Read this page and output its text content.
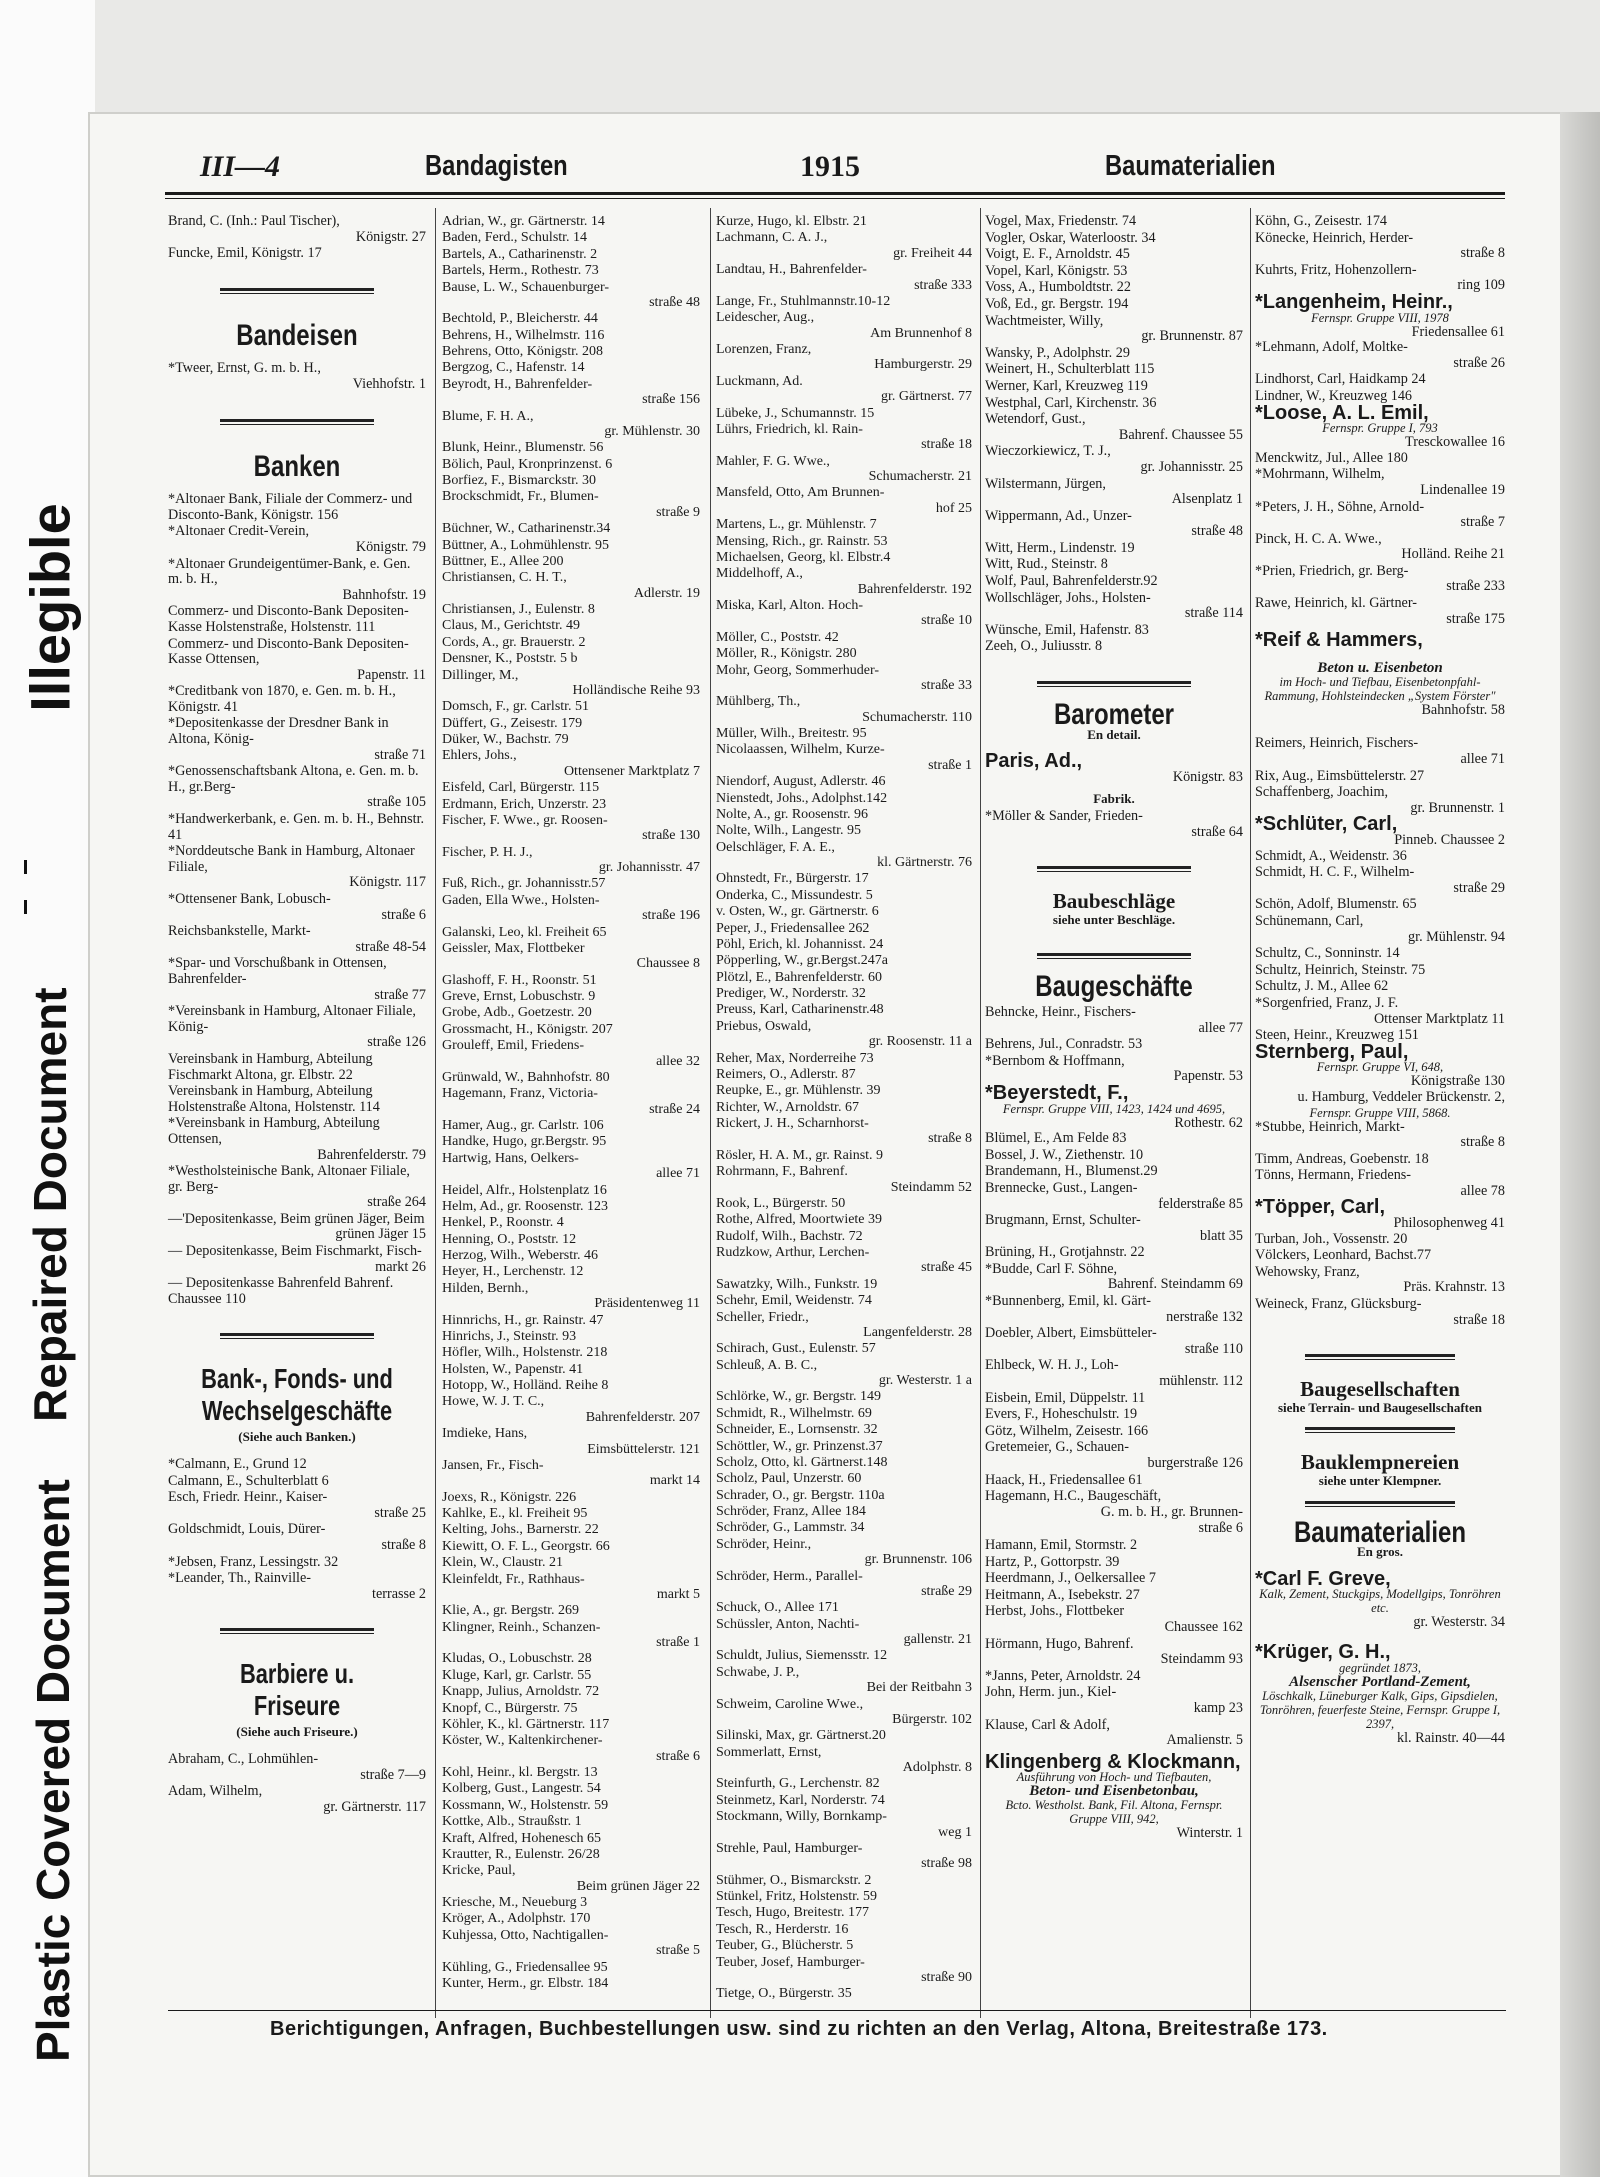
Plastic Covered Document
Repaired Document
Illegible
III—4	Bandagisten	1915	Baumaterialien
Brand, C. (Inh.: Paul Tischer),
Königstr. 27
Funcke, Emil, Königstr. 17
Bandeisen
*Tweer, Ernst, G. m. b. H.,
Viehhofstr. 1
Banken
*Altonaer Bank, Filiale der Commerz- und Disconto-Bank, Königstr. 156
*Altonaer Credit-Verein,
Königstr. 79
*Altonaer Grundeigentümer-Bank, e. Gen. m. b. H.,
Bahnhofstr. 19
Commerz- und Disconto-Bank Depositen-Kasse Holstenstraße, Holstenstr. 111
Commerz- und Disconto-Bank Depositen-Kasse Ottensen,
Papenstr. 11
*Creditbank von 1870, e. Gen. m. b. H., Königstr. 41
*Depositenkasse der Dresdner Bank in Altona, König-
straße 71
*Genossenschaftsbank Altona, e. Gen. m. b. H., gr.Berg-
straße 105
*Handwerkerbank, e. Gen. m. b. H., Behnstr. 41
*Norddeutsche Bank in Hamburg, Altonaer Filiale,
Königstr. 117
*Ottensener Bank, Lobusch-
straße 6
Reichsbankstelle, Markt-
straße 48-54
*Spar- und Vorschußbank in Ottensen, Bahrenfelder-
straße 77
*Vereinsbank in Hamburg, Altonaer Filiale, König-
straße 126
Vereinsbank in Hamburg, Abteilung Fischmarkt Altona, gr. Elbstr. 22
Vereinsbank in Hamburg, Abteilung Holstenstraße Altona, Holstenstr. 114
*Vereinsbank in Hamburg, Abteilung Ottensen,
Bahrenfelderstr. 79
*Westholsteinische Bank, Altonaer Filiale, gr. Berg-
straße 264
—'Depositenkasse, Beim grünen Jäger, Beim
grünen Jäger 15
— Depositenkasse, Beim Fischmarkt, Fisch-
markt 26
— Depositenkasse Bahrenfeld Bahrenf. Chaussee 110
Bank-, Fonds- und Wechselgeschäfte
(Siehe auch Banken.)
*Calmann, E., Grund 12
Calmann, E., Schulterblatt 6
Esch, Friedr. Heinr., Kaiser-
straße 25
Goldschmidt, Louis, Dürer-
straße 8
*Jebsen, Franz, Lessingstr. 32
*Leander, Th., Rainville-
terrasse 2
Barbiere u. Friseure
(Siehe auch Friseure.)
Abraham, C., Lohmühlen-
straße 7—9
Adam, Wilhelm,
gr. Gärtnerstr. 117
Adrian, W., gr. Gärtnerstr. 14
Baden, Ferd., Schulstr. 14
Bartels, A., Catharinenstr. 2
Bartels, Herm., Rothestr. 73
Bause, L. W., Schauenburger-
straße 48
Bechtold, P., Bleicherstr. 44
Behrens, H., Wilhelmstr. 116
Behrens, Otto, Königstr. 208
Bergzog, C., Hafenstr. 14
Beyrodt, H., Bahrenfelder-
straße 156
Blume, F. H. A.,
gr. Mühlenstr. 30
Blunk, Heinr., Blumenstr. 56
Bölich, Paul, Kronprinzenst. 6
Borfiez, F., Bismarckstr. 30
Brockschmidt, Fr., Blumen-
straße 9
Büchner, W., Catharinenstr.34
Büttner, A., Lohmühlenstr. 95
Büttner, E., Allee 200
Christiansen, C. H. T.,
Adlerstr. 19
Christiansen, J., Eulenstr. 8
Claus, M., Gerichtstr. 49
Cords, A., gr. Brauerstr. 2
Densner, K., Poststr. 5 b
Dillinger, M.,
Holländische Reihe 93
Domsch, F., gr. Carlstr. 51
Düffert, G., Zeisestr. 179
Düker, W., Bachstr. 79
Ehlers, Johs.,
Ottensener Marktplatz 7
Eisfeld, Carl, Bürgerstr. 115
Erdmann, Erich, Unzerstr. 23
Fischer, F. Wwe., gr. Roosen-
straße 130
Fischer, P. H. J.,
gr. Johannisstr. 47
Fuß, Rich., gr. Johannisstr.57
Gaden, Ella Wwe., Holsten-
straße 196
Galanski, Leo, kl. Freiheit 65
Geissler, Max, Flottbeker
Chaussee 8
Glashoff, F. H., Roonstr. 51
Greve, Ernst, Lobuschstr. 9
Grobe, Adb., Goetzestr. 20
Grossmacht, H., Königstr. 207
Grouleff, Emil, Friedens-
allee 32
Grünwald, W., Bahnhofstr. 80
Hagemann, Franz, Victoria-
straße 24
Hamer, Aug., gr. Carlstr. 106
Handke, Hugo, gr.Bergstr. 95
Hartwig, Hans, Oelkers-
allee 71
Heidel, Alfr., Holstenplatz 16
Helm, Ad., gr. Roosenstr. 123
Henkel, P., Roonstr. 4
Henning, O., Poststr. 12
Herzog, Wilh., Weberstr. 46
Heyer, H., Lerchenstr. 12
Hilden, Bernh.,
Präsidentenweg 11
Hinnrichs, H., gr. Rainstr. 47
Hinrichs, J., Steinstr. 93
Höfler, Wilh., Holstenstr. 218
Holsten, W., Papenstr. 41
Hotopp, W., Holländ. Reihe 8
Howe, W. J. T. C.,
Bahrenfelderstr. 207
Imdieke, Hans,
Eimsbüttelerstr. 121
Jansen, Fr., Fisch-
markt 14
Joexs, R., Königstr. 226
Kahlke, E., kl. Freiheit 95
Kelting, Johs., Barnerstr. 22
Kiewitt, O. F. L., Georgstr. 66
Klein, W., Claustr. 21
Kleinfeldt, Fr., Rathhaus-
markt 5
Klie, A., gr. Bergstr. 269
Klingner, Reinh., Schanzen-
straße 1
Kludas, O., Lobuschstr. 28
Kluge, Karl, gr. Carlstr. 55
Knapp, Julius, Arnoldstr. 72
Knopf, C., Bürgerstr. 75
Köhler, K., kl. Gärtnerstr. 117
Köster, W., Kaltenkirchener-
straße 6
Kohl, Heinr., kl. Bergstr. 13
Kolberg, Gust., Langestr. 54
Kossmann, W., Holstenstr. 59
Kottke, Alb., Straußstr. 1
Kraft, Alfred, Hohenesch 65
Krautter, R., Eulenstr. 26/28
Kricke, Paul,
Beim grünen Jäger 22
Kriesche, M., Neueburg 3
Kröger, A., Adolphstr. 170
Kuhjessa, Otto, Nachtigallen-
straße 5
Kühling, G., Friedensallee 95
Kunter, Herm., gr. Elbstr. 184
Kurze, Hugo, kl. Elbstr. 21
Lachmann, C. A. J.,
gr. Freiheit 44
Landtau, H., Bahrenfelder-
straße 333
Lange, Fr., Stuhlmannstr.10-12
Leidescher, Aug.,
Am Brunnenhof 8
Lorenzen, Franz,
Hamburgerstr. 29
Luckmann, Ad.
gr. Gärtnerst. 77
Lübeke, J., Schumannstr. 15
Lührs, Friedrich, kl. Rain-
straße 18
Mahler, F. G. Wwe.,
Schumacherstr. 21
Mansfeld, Otto, Am Brunnen-
hof 25
Martens, L., gr. Mühlenstr. 7
Mensing, Rich., gr. Rainstr. 53
Michaelsen, Georg, kl. Elbstr.4
Middelhoff, A.,
Bahrenfelderstr. 192
Miska, Karl, Alton. Hoch-
straße 10
Möller, C., Poststr. 42
Möller, R., Königstr. 280
Mohr, Georg, Sommerhuder-
straße 33
Mühlberg, Th.,
Schumacherstr. 110
Müller, Wilh., Breitestr. 95
Nicolaassen, Wilhelm, Kurze-
straße 1
Niendorf, August, Adlerstr. 46
Nienstedt, Johs., Adolphst.142
Nolte, A., gr. Roosenstr. 96
Nolte, Wilh., Langestr. 95
Oelschläger, F. A. E.,
kl. Gärtnerstr. 76
Ohnstedt, Fr., Bürgerstr. 17
Onderka, C., Missundestr. 5
v. Osten, W., gr. Gärtnerstr. 6
Peper, J., Friedensallee 262
Pöhl, Erich, kl. Johannisst. 24
Pöpperling, W., gr.Bergst.247a
Plötzl, E., Bahrenfelderstr. 60
Prediger, W., Norderstr. 32
Preuss, Karl, Catharinenstr.48
Priebus, Oswald,
gr. Roosenstr. 11 a
Reher, Max, Norderreihe 73
Reimers, O., Adlerstr. 87
Reupke, E., gr. Mühlenstr. 39
Richter, W., Arnoldstr. 67
Rickert, J. H., Scharnhorst-
straße 8
Rösler, H. A. M., gr. Rainst. 9
Rohrmann, F., Bahrenf.
Steindamm 52
Rook, L., Bürgerstr. 50
Rothe, Alfred, Moortwiete 39
Rudolf, Wilh., Bachstr. 72
Rudzkow, Arthur, Lerchen-
straße 45
Sawatzky, Wilh., Funkstr. 19
Schehr, Emil, Weidenstr. 74
Scheller, Friedr.,
Langenfelderstr. 28
Schirach, Gust., Eulenstr. 57
Schleuß, A. B. C.,
gr. Westerstr. 1 a
Schlörke, W., gr. Bergstr. 149
Schmidt, R., Wilhelmstr. 69
Schneider, E., Lornsenstr. 32
Schöttler, W., gr. Prinzenst.37
Scholz, Otto, kl. Gärtnerst.148
Scholz, Paul, Unzerstr. 60
Schrader, O., gr. Bergstr. 110a
Schröder, Franz, Allee 184
Schröder, G., Lammstr. 34
Schröder, Heinr.,
gr. Brunnenstr. 106
Schröder, Herm., Parallel-
straße 29
Schuck, O., Allee 171
Schüssler, Anton, Nachti-
gallenstr. 21
Schuldt, Julius, Siemensstr. 12
Schwabe, J. P.,
Bei der Reitbahn 3
Schweim, Caroline Wwe.,
Bürgerstr. 102
Silinski, Max, gr. Gärtnerst.20
Sommerlatt, Ernst,
Adolphstr. 8
Steinfurth, G., Lerchenstr. 82
Steinmetz, Karl, Norderstr. 74
Stockmann, Willy, Bornkamp-
weg 1
Strehle, Paul, Hamburger-
straße 98
Stühmer, O., Bismarckstr. 2
Stünkel, Fritz, Holstenstr. 59
Tesch, Hugo, Breitestr. 177
Tesch, R., Herderstr. 16
Teuber, G., Blücherstr. 5
Teuber, Josef, Hamburger-
straße 90
Tietge, O., Bürgerstr. 35
Vogel, Max, Friedenstr. 74
Vogler, Oskar, Waterloostr. 34
Voigt, E. F., Arnoldstr. 45
Vopel, Karl, Königstr. 53
Voss, A., Humboldtstr. 22
Voß, Ed., gr. Bergstr. 194
Wachtmeister, Willy,
gr. Brunnenstr. 87
Wansky, P., Adolphstr. 29
Weinert, H., Schulterblatt 115
Werner, Karl, Kreuzweg 119
Westphal, Carl, Kirchenstr. 36
Wetendorf, Gust.,
Bahrenf. Chaussee 55
Wieczorkiewicz, T. J.,
gr. Johannisstr. 25
Wilstermann, Jürgen,
Alsenplatz 1
Wippermann, Ad., Unzer-
straße 48
Witt, Herm., Lindenstr. 19
Witt, Rud., Steinstr. 8
Wolf, Paul, Bahrenfelderstr.92
Wollschläger, Johs., Holsten-
straße 114
Wünsche, Emil, Hafenstr. 83
Zeeh, O., Juliusstr. 8
Barometer
En detail.
Paris, Ad.,
Königstr. 83
Fabrik.
*Möller & Sander, Frieden-
straße 64
Baubeschläge
siehe unter Beschläge.
Baugeschäfte
Behncke, Heinr., Fischers-
allee 77
Behrens, Jul., Conradstr. 53
*Bernbom & Hoffmann,
Papenstr. 53
*Beyerstedt, F.,
Fernspr. Gruppe VIII, 1423, 1424 und 4695,
Rothestr. 62
Blümel, E., Am Felde 83
Bossel, J. W., Ziethenstr. 10
Brandemann, H., Blumenst.29
Brennecke, Gust., Langen-
felderstraße 85
Brugmann, Ernst, Schulter-
blatt 35
Brüning, H., Grotjahnstr. 22
*Budde, Carl F. Söhne,
Bahrenf. Steindamm 69
*Bunnenberg, Emil, kl. Gärt-
nerstraße 132
Doebler, Albert, Eimsbütteler-
straße 110
Ehlbeck, W. H. J., Loh-
mühlenstr. 112
Eisbein, Emil, Düppelstr. 11
Evers, F., Hoheschulstr. 19
Götz, Wilhelm, Zeisestr. 166
Gretemeier, G., Schauen-
burgerstraße 126
Haack, H., Friedensallee 61
Hagemann, H.C., Baugeschäft,
G. m. b. H., gr. Brunnen-
straße 6
Hamann, Emil, Stormstr. 2
Hartz, P., Gottorpstr. 39
Heerdmann, J., Oelkersallee 7
Heitmann, A., Isebekstr. 27
Herbst, Johs., Flottbeker
Chaussee 162
Hörmann, Hugo, Bahrenf.
Steindamm 93
*Janns, Peter, Arnoldstr. 24
John, Herm. jun., Kiel-
kamp 23
Klause, Carl & Adolf,
Amalienstr. 5
Klingenberg & Klockmann,
Ausführung von Hoch- und Tiefbauten,
Beton- und Eisenbetonbau,
Bcto. Westholst. Bank, Fil. Altona, Fernspr. Gruppe VIII, 942,
Winterstr. 1
Köhn, G., Zeisestr. 174
Könecke, Heinrich, Herder-
straße 8
Kuhrts, Fritz, Hohenzollern-
ring 109
*Langenheim, Heinr.,
Fernspr. Gruppe VIII, 1978
Friedensallee 61
*Lehmann, Adolf, Moltke-
straße 26
Lindhorst, Carl, Haidkamp 24
Lindner, W., Kreuzweg 146
*Loose, A. L. Emil,
Fernspr. Gruppe I, 793
Tresckowallee 16
Menckwitz, Jul., Allee 180
*Mohrmann, Wilhelm,
Lindenallee 19
*Peters, J. H., Söhne, Arnold-
straße 7
Pinck, H. C. A. Wwe.,
Holländ. Reihe 21
*Prien, Friedrich, gr. Berg-
straße 233
Rawe, Heinrich, kl. Gärtner-
straße 175
*Reif & Hammers,
Beton u. Eisenbeton
im Hoch- und Tiefbau, Eisenbetonpfahl-Rammung, Hohlsteindecken „System Förster"
Bahnhofstr. 58
Reimers, Heinrich, Fischers-
allee 71
Rix, Aug., Eimsbüttelerstr. 27
Schaffenberg, Joachim,
gr. Brunnenstr. 1
*Schlüter, Carl,
Pinneb. Chaussee 2
Schmidt, A., Weidenstr. 36
Schmidt, H. C. F., Wilhelm-
straße 29
Schön, Adolf, Blumenstr. 65
Schünemann, Carl,
gr. Mühlenstr. 94
Schultz, C., Sonninstr. 14
Schultz, Heinrich, Steinstr. 75
Schultz, J. M., Allee 62
*Sorgenfried, Franz, J. F.
Ottenser Marktplatz 11
Steen, Heinr., Kreuzweg 151
Sternberg, Paul,
Fernspr. Gruppe VI, 648,
Königstraße 130
u. Hamburg, Veddeler Brückenstr. 2,
Fernspr. Gruppe VIII, 5868.
*Stubbe, Heinrich, Markt-
straße 8
Timm, Andreas, Goebenstr. 18
Tönns, Hermann, Friedens-
allee 78
*Töpper, Carl,
Philosophenweg 41
Turban, Joh., Vossenstr. 20
Völckers, Leonhard, Bachst.77
Wehowsky, Franz,
Präs. Krahnstr. 13
Weineck, Franz, Glücksburg-
straße 18
Baugesellschaften
siehe Terrain- und Baugesellschaften
Bauklempnereien
siehe unter Klempner.
Baumaterialien
En gros.
*Carl F. Greve,
Kalk, Zement, Stuckgips, Modellgips, Tonröhren etc.
gr. Westerstr. 34
*Krüger, G. H.,
gegründet 1873,
Alsenscher Portland-Zement,
Löschkalk, Lüneburger Kalk, Gips, Gipsdielen, Tonröhren, feuerfeste Steine, Fernspr. Gruppe I, 2397,
kl. Rainstr. 40—44
Berichtigungen, Anfragen, Buchbestellungen usw. sind zu richten an den Verlag, Altona, Breitestraße 173.
